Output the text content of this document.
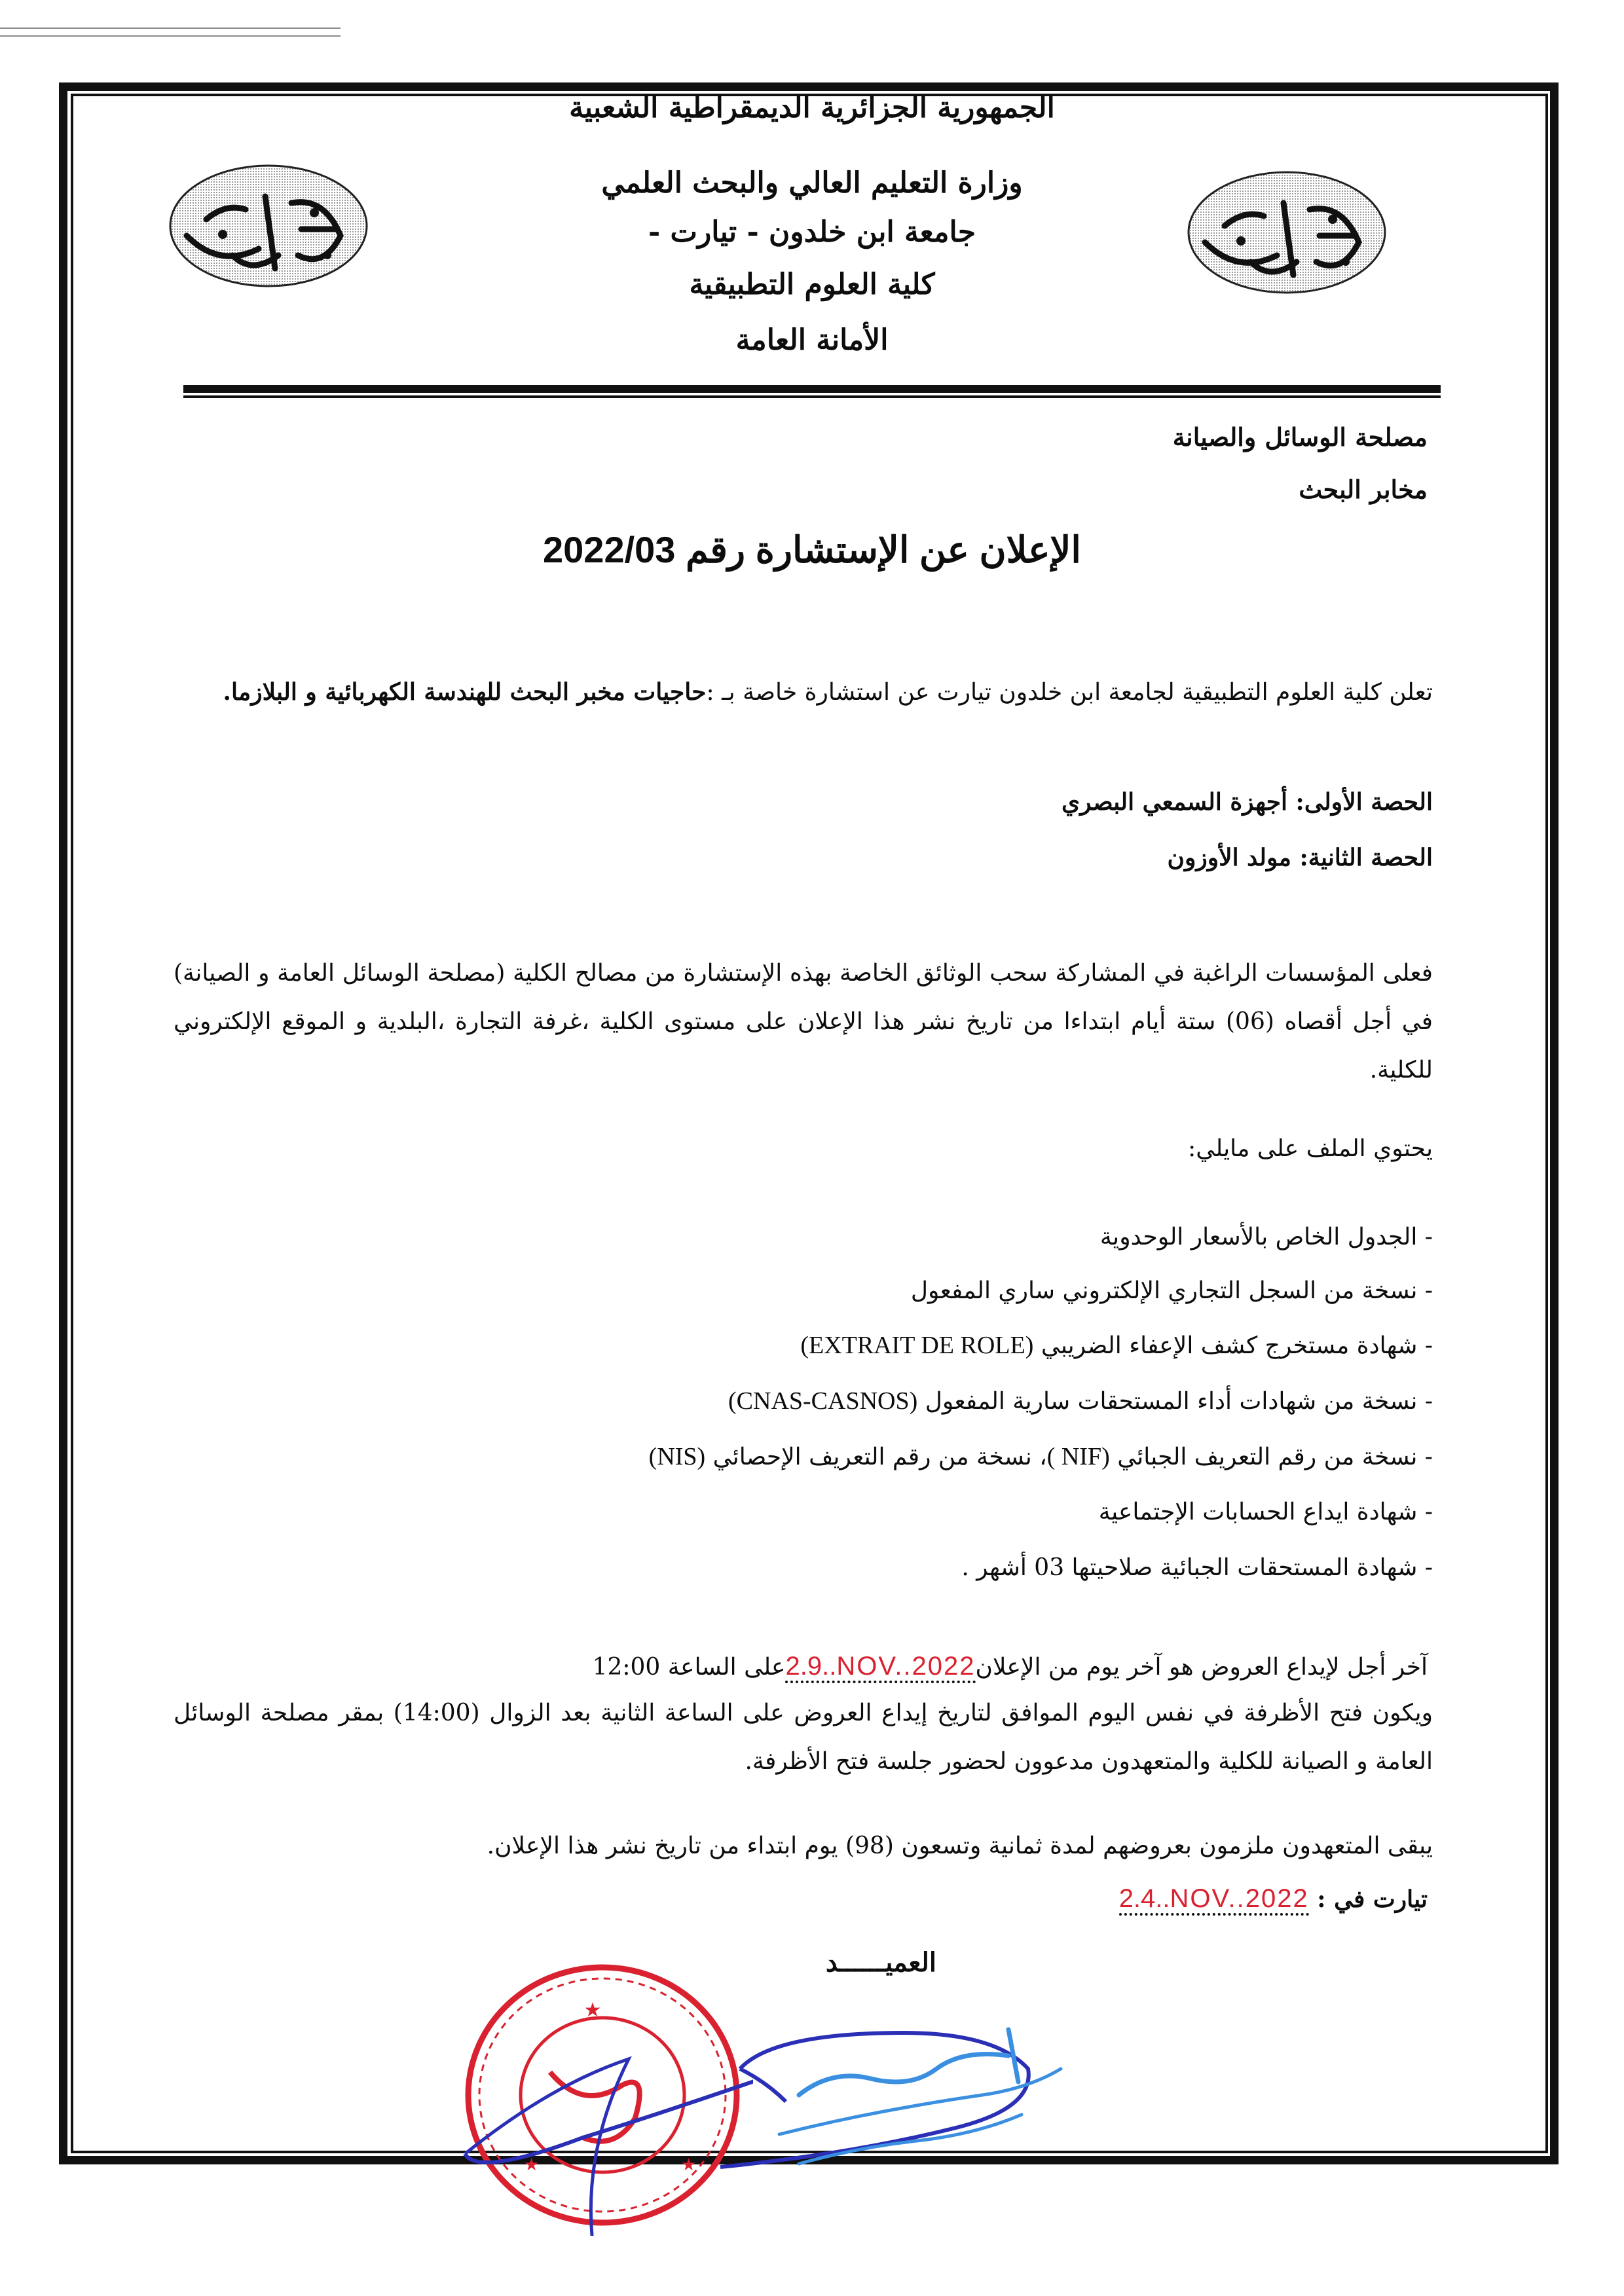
الجمهورية الجزائرية الديمقراطية الشعبية
وزارة التعليم العالي والبحث العلمي
جامعة ابن خلدون - تيارت -
كلية العلوم التطبيقية
الأمانة العامة
مصلحة الوسائل والصيانة
مخابر البحث
الإعلان عن الإستشارة رقم 2022/03
تعلن كلية العلوم التطبيقية لجامعة ابن خلدون تيارت عن استشارة خاصة بـ :حاجيات مخبر البحث للهندسة الكهربائية و البلازما.
الحصة الأولى: أجهزة السمعي البصري
الحصة الثانية: مولد الأوزون
فعلى المؤسسات الراغبة في المشاركة سحب الوثائق الخاصة بهذه الإستشارة من مصالح الكلية (مصلحة الوسائل العامة و الصيانة) في أجل أقصاه (06) ستة أيام ابتداءا من تاريخ نشر هذا الإعلان على مستوى الكلية ،غرفة التجارة ،البلدية و الموقع الإلكتروني للكلية.
يحتوي الملف على مايلي:
- الجدول الخاص بالأسعار الوحدوية
- نسخة من السجل التجاري الإلكتروني ساري المفعول
- شهادة مستخرج كشف الإعفاء الضريبي (EXTRAIT DE ROLE)
- نسخة من شهادات أداء المستحقات سارية المفعول (CNAS-CASNOS)
- نسخة من رقم التعريف الجبائي ( NIF)، نسخة من رقم التعريف الإحصائي (NIS)
- شهادة ايداع الحسابات الإجتماعية
- شهادة المستحقات الجبائية صلاحيتها 03 أشهر .
آخر أجل لإيداع العروض هو آخر يوم من الإعلان2.9..NOV..2022على الساعة 12:00
ويكون فتح الأظرفة في نفس اليوم الموافق لتاريخ إيداع العروض على الساعة الثانية بعد الزوال (14:00) بمقر مصلحة الوسائل العامة و الصيانة للكلية والمتعهدون مدعوون لحضور جلسة فتح الأظرفة.
يبقى المتعهدون ملزمون بعروضهم لمدة ثمانية وتسعون (98) يوم ابتداء من تاريخ نشر هذا الإعلان.
تيارت في : 2.4..NOV..2022
العميــــــد
★
★	★
